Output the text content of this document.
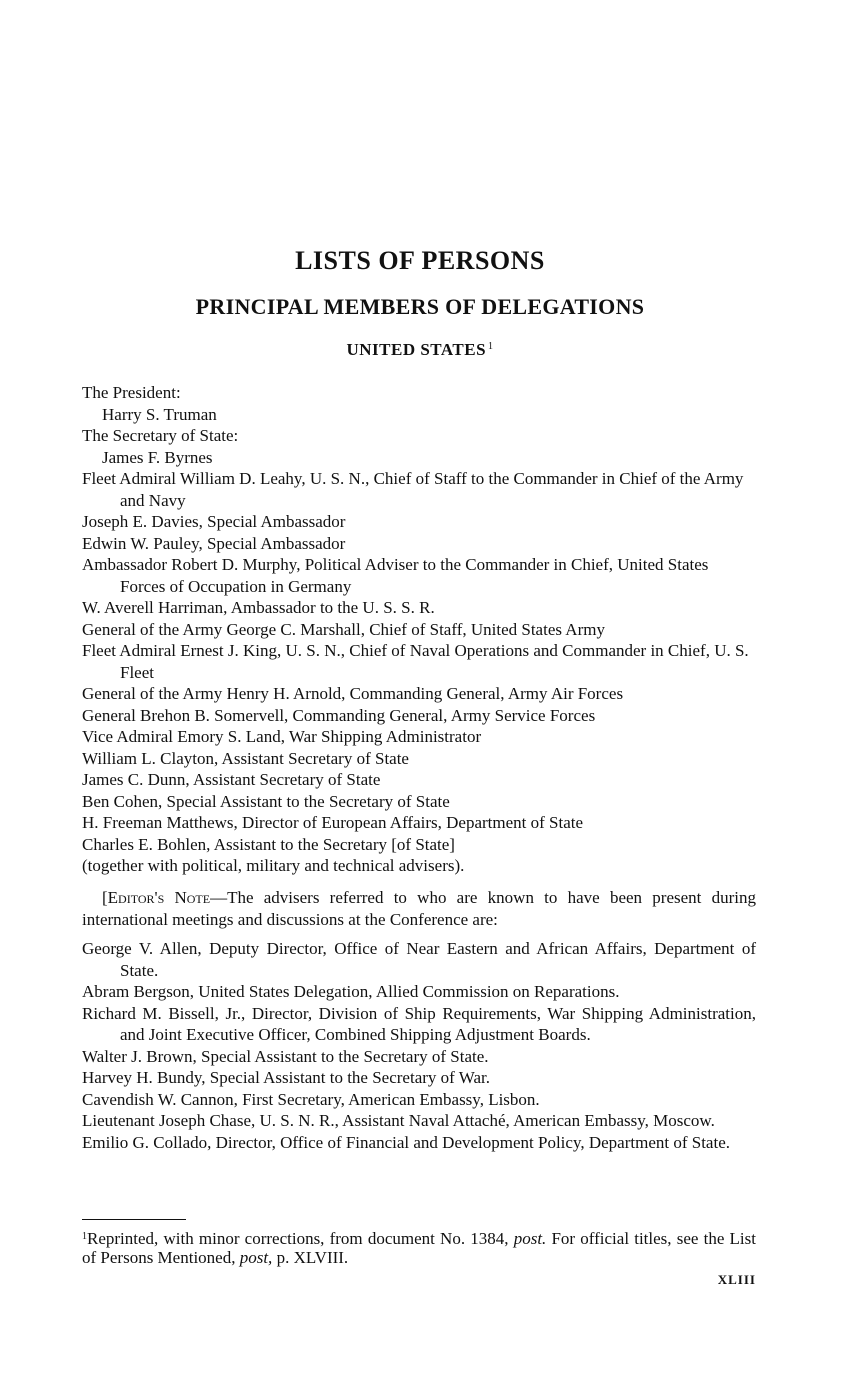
LISTS OF PERSONS
PRINCIPAL MEMBERS OF DELEGATIONS
UNITED STATES $^1$

The President:

Harry S. Truman

The Secretary of State:

James F. Byrnes

Fleet Admiral William D. Leahy, U. S. N., Chief of Staff to the Commander in Chief of the Army and Navy

Joseph E. Davies, Special Ambassador

Edwin W. Pauley, Special Ambassador

Ambassador Robert D. Murphy, Political Adviser to the Commander in Chief, United States Forces of Occupation in Germany

W. Averell Harriman, Ambassador to the U. S. S. R.

General of the Army George C. Marshall, Chief of Staff, United States Army

Fleet Admiral Ernest J. King, U. S. N., Chief of Naval Operations and Commander in Chief, U. S. Fleet

General of the Army Henry H. Arnold, Commanding General, Army Air Forces

General Brehon B. Somervell, Commanding General, Army Service Forces

Vice Admiral Emory S. Land, War Shipping Administrator

William L. Clayton, Assistant Secretary of State

James C. Dunn, Assistant Secretary of State

Ben Cohen, Special Assistant to the Secretary of State

H. Freeman Matthews, Director of European Affairs, Department of State

Charles E. Bohlen, Assistant to the Secretary [of State]

(together with political, military and technical advisers).

[Editor's Note—The advisers referred to who are known to have been present during international meetings and discussions at the Conference are:

George V. Allen, Deputy Director, Office of Near Eastern and African Affairs, Department of State.

Abram Bergson, United States Delegation, Allied Commission on Reparations.

Richard M. Bissell, Jr., Director, Division of Ship Requirements, War Shipping Administration, and Joint Executive Officer, Combined Shipping Adjustment Boards.

Walter J. Brown, Special Assistant to the Secretary of State.

Harvey H. Bundy, Special Assistant to the Secretary of War.

Cavendish W. Cannon, First Secretary, American Embassy, Lisbon.

Lieutenant Joseph Chase, U. S. N. R., Assistant Naval Attaché, American Embassy, Moscow.

Emilio G. Collado, Director, Office of Financial and Development Policy, Department of State.

$^1$Reprinted, with minor corrections, from document No. 1384, post. For official titles, see the List of Persons Mentioned, post, p. XLVIII.

XLIII
